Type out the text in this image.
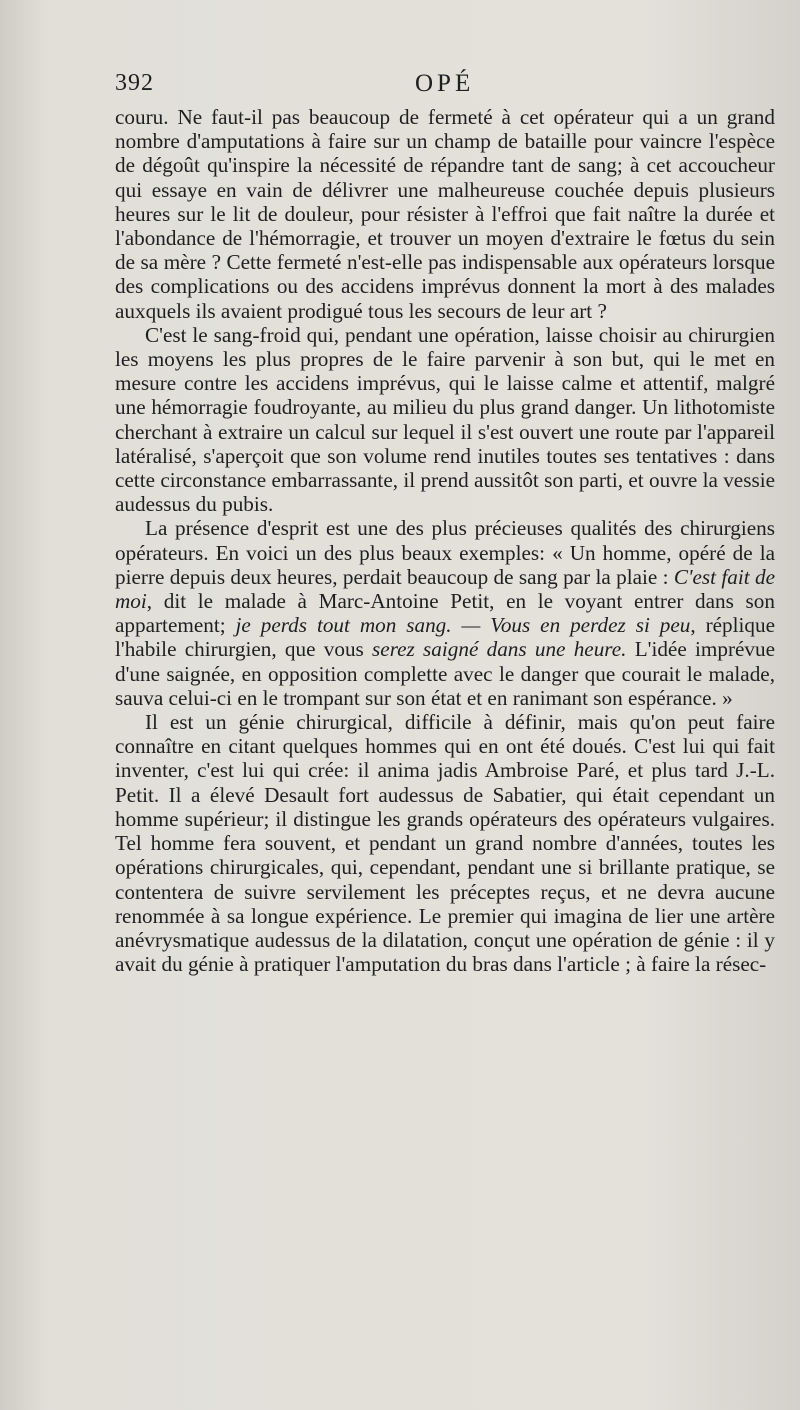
392	OPÉ

couru. Ne faut-il pas beaucoup de fermeté à cet opérateur qui a un grand nombre d'amputations à faire sur un champ de bataille pour vaincre l'espèce de dégoût qu'inspire la nécessité de répandre tant de sang; à cet accoucheur qui essaye en vain de délivrer une malheureuse couchée depuis plusieurs heures sur le lit de douleur, pour résister à l'effroi que fait naître la durée et l'abondance de l'hémorragie, et trouver un moyen d'extraire le fœtus du sein de sa mère ? Cette fermeté n'est-elle pas indispensable aux opérateurs lorsque des complications ou des accidens imprévus donnent la mort à des malades auxquels ils avaient prodigué tous les secours de leur art ?

C'est le sang-froid qui, pendant une opération, laisse choisir au chirurgien les moyens les plus propres de le faire parvenir à son but, qui le met en mesure contre les accidens imprévus, qui le laisse calme et attentif, malgré une hémorragie foudroyante, au milieu du plus grand danger. Un lithotomiste cherchant à extraire un calcul sur lequel il s'est ouvert une route par l'appareil latéralisé, s'aperçoit que son volume rend inutiles toutes ses tentatives : dans cette circonstance embarrassante, il prend aussitôt son parti, et ouvre la vessie audessus du pubis.

La présence d'esprit est une des plus précieuses qualités des chirurgiens opérateurs. En voici un des plus beaux exemples: « Un homme, opéré de la pierre depuis deux heures, perdait beaucoup de sang par la plaie : C'est fait de moi, dit le malade à Marc-Antoine Petit, en le voyant entrer dans son appartement; je perds tout mon sang. — Vous en perdez si peu, réplique l'habile chirurgien, que vous serez saigné dans une heure. L'idée imprévue d'une saignée, en opposition complette avec le danger que courait le malade, sauva celui-ci en le trompant sur son état et en ranimant son espérance. »

Il est un génie chirurgical, difficile à définir, mais qu'on peut faire connaître en citant quelques hommes qui en ont été doués. C'est lui qui fait inventer, c'est lui qui crée: il anima jadis Ambroise Paré, et plus tard J.-L. Petit. Il a élevé Desault fort audessus de Sabatier, qui était cependant un homme supérieur; il distingue les grands opérateurs des opérateurs vulgaires. Tel homme fera souvent, et pendant un grand nombre d'années, toutes les opérations chirurgicales, qui, cependant, pendant une si brillante pratique, se contentera de suivre servilement les préceptes reçus, et ne devra aucune renommée à sa longue expérience. Le premier qui imagina de lier une artère anévrysmatique audessus de la dilatation, conçut une opération de génie : il y avait du génie à pratiquer l'amputation du bras dans l'article ; à faire la résec-
